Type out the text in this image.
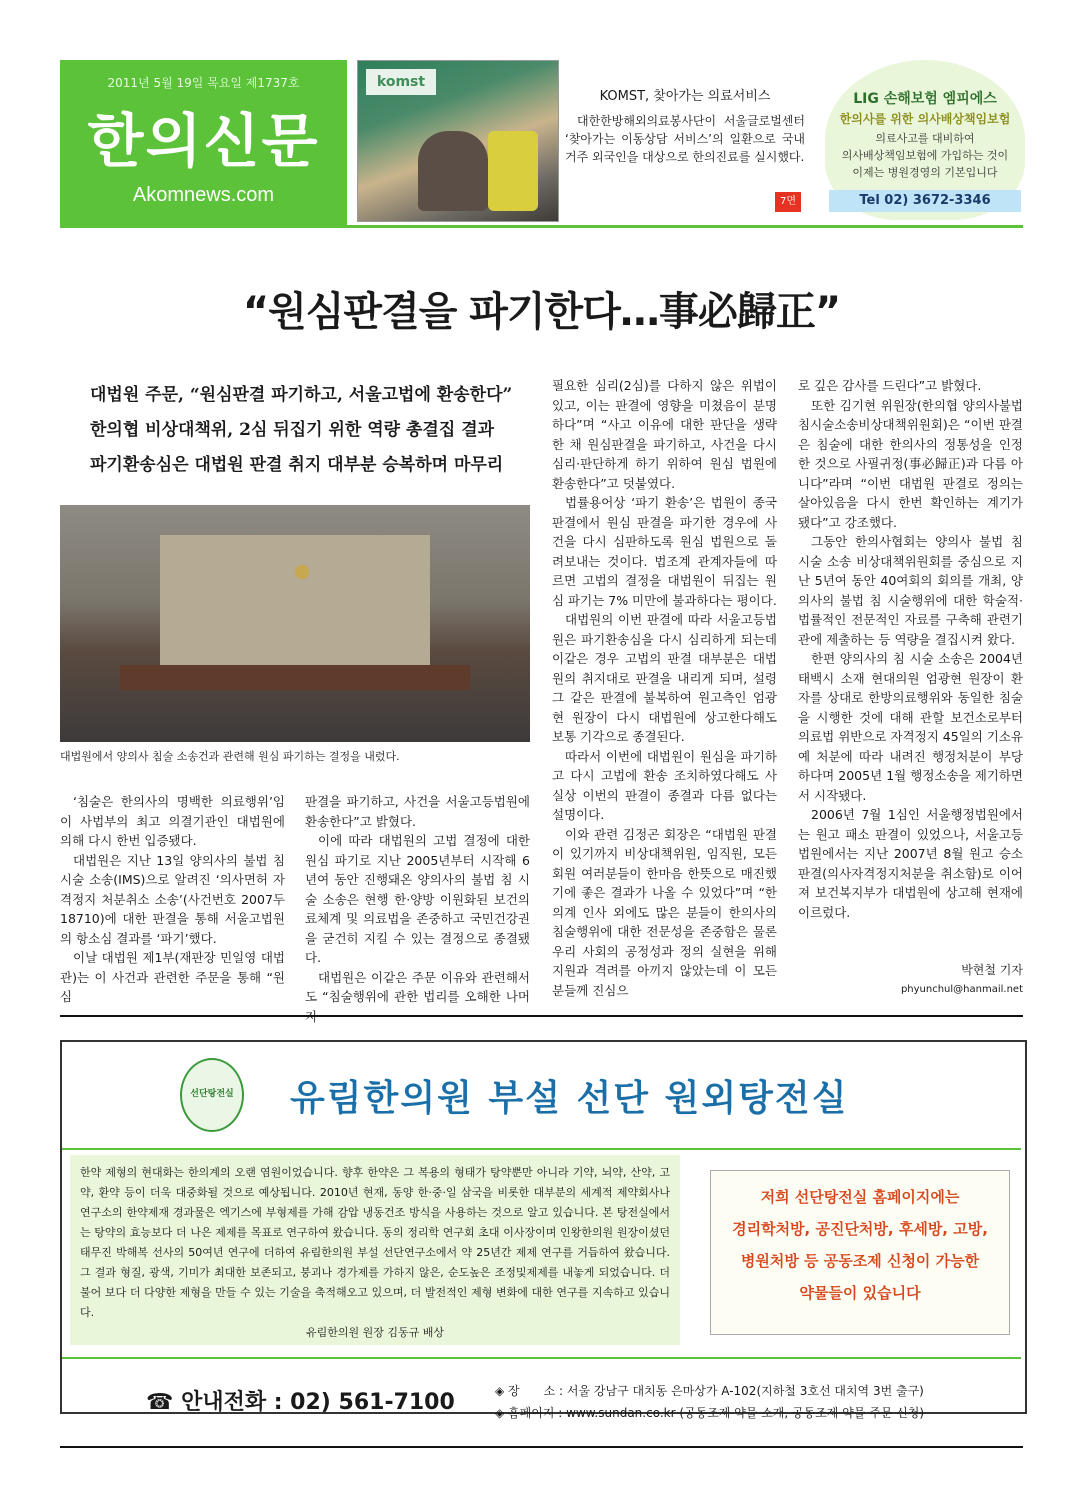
2011년 5월 19일 목요일 제1737호
한의신문
Akomnews.com
komst
KOMST, 찾아가는 의료서비스
대한한방해외의료봉사단이 서울글로벌센터 ‘찾아가는 이동상담 서비스’의 일환으로 국내 거주 외국인을 대상으로 한의진료를 실시했다.
7면
LIG 손해보험 엠피에스
한의사를 위한 의사배상책임보험
의료사고를 대비하여
의사배상책임보험에 가입하는 것이
이제는 병원경영의 기본입니다
Tel 02) 3672-3346
“원심판결을 파기한다…事必歸正”
대법원 주문, “원심판결 파기하고, 서울고법에 환송한다”
한의협 비상대책위, 2심 뒤집기 위한 역량 총결집 결과
파기환송심은 대법원 판결 취지 대부분 승복하며 마무리
대법원에서 양의사 침술 소송건과 관련해 원심 파기하는 결정을 내렸다.

‘침술은 한의사의 명백한 의료행위’임이 사법부의 최고 의결기관인 대법원에 의해 다시 한번 입증됐다.

대법원은 지난 13일 양의사의 불법 침 시술 소송(IMS)으로 알려진 ‘의사면허 자격정지 처분취소 소송’(사건번호 2007두18710)에 대한 판결을 통해 서울고법원의 항소심 결과를 ‘파기’했다.

이날 대법원 제1부(재판장 민일영 대법관)는 이 사건과 관련한 주문을 통해 “원심

판결을 파기하고, 사건을 서울고등법원에 환송한다”고 밝혔다.

이에 따라 대법원의 고법 결정에 대한 원심 파기로 지난 2005년부터 시작해 6년여 동안 진행돼온 양의사의 불법 침 시술 소송은 현행 한·양방 이원화된 보건의료체계 및 의료법을 존중하고 국민건강권을 굳건히 지킬 수 있는 결정으로 종결됐다.

대법원은 이같은 주문 이유와 관련해서도 “침술행위에 관한 법리를 오해한 나머

필요한 심리(2심)를 다하지 않은 위법이 있고, 이는 판결에 영향을 미쳤음이 분명하다”며 “사고 이유에 대한 판단을 생략한 채 원심판결을 파기하고, 사건을 다시 심리·판단하게 하기 위하여 원심 법원에 환송한다”고 덧붙였다.

법률용어상 ‘파기 환송’은 법원이 종국판결에서 원심 판결을 파기한 경우에 사건을 다시 심판하도록 원심 법원으로 돌려보내는 것이다. 법조계 관계자들에 따르면 고법의 결정을 대법원이 뒤집는 원심 파기는 7% 미만에 불과하다는 평이다.

대법원의 이번 판결에 따라 서울고등법원은 파기환송심을 다시 심리하게 되는데 이같은 경우 고법의 판결 대부분은 대법원의 취지대로 판결을 내리게 되며, 설령 그 같은 판결에 불복하여 원고측인 엄광현 원장이 다시 대법원에 상고한다해도 보통 기각으로 종결된다.

따라서 이번에 대법원이 원심을 파기하고 다시 고법에 환송 조치하였다해도 사실상 이번의 판결이 종결과 다름 없다는 설명이다.

이와 관련 김정곤 회장은 “대법원 판결이 있기까지 비상대책위원, 임직원, 모든 회원 여러분들이 한마음 한뜻으로 매진했기에 좋은 결과가 나올 수 있었다”며 “한의계 인사 외에도 많은 분들이 한의사의 침술행위에 대한 전문성을 존중함은 물론 우리 사회의 공정성과 정의 실현을 위해 지원과 격려를 아끼지 않았는데 이 모든 분들께 진심으

로 깊은 감사를 드린다”고 밝혔다.

또한 김기현 위원장(한의협 양의사불법침시술소송비상대책위원회)은 “이번 판결은 침술에 대한 한의사의 정통성을 인정한 것으로 사필귀정(事必歸正)과 다름 아니다”라며 “이번 대법원 판결로 정의는 살아있음을 다시 한번 확인하는 계기가 됐다”고 강조했다.

그동안 한의사협회는 양의사 불법 침 시술 소송 비상대책위원회를 중심으로 지난 5년여 동안 40여회의 회의를 개최, 양의사의 불법 침 시술행위에 대한 학술적·법률적인 전문적인 자료를 구축해 관련기관에 제출하는 등 역량을 결집시켜 왔다.

한편 양의사의 침 시술 소송은 2004년 태백시 소재 현대의원 엄광현 원장이 환자를 상대로 한방의료행위와 동일한 침술을 시행한 것에 대해 관할 보건소로부터 의료법 위반으로 자격정지 45일의 기소유예 처분에 따라 내려진 행정처분이 부당하다며 2005년 1월 행정소송을 제기하면서 시작됐다.

2006년 7월 1심인 서울행정법원에서는 원고 패소 판결이 있었으나, 서울고등법원에서는 지난 2007년 8월 원고 승소 판결(의사자격정지처분을 취소함)로 이어져 보건복지부가 대법원에 상고해 현재에 이르렀다.

박현철 기자
phyunchul@hanmail.net
선단탕전실 유림한의원 부설 선단 원외탕전실
한약 제형의 현대화는 한의계의 오랜 염원이었습니다. 향후 한약은 그 복용의 형태가 탕약뿐만 아니라 기약, 뇌약, 산약, 고약, 환약 등이 더욱 대중화될 것으로 예상됩니다. 2010년 현재, 동양 한·중·일 삼국을 비롯한 대부분의 세계적 제약회사나 연구소의 한약제재 경과물은 엑기스에 부형제를 가해 감압 냉동건조 방식을 사용하는 것으로 알고 있습니다. 본 탕전실에서는 탕약의 효능보다 더 나은 제제를 목표로 연구하여 왔습니다. 동의 정리학 연구회 초대 이사장이며 인왕한의원 원장이셨던 태무진 박해복 선사의 50여년 연구에 더하여 유림한의원 부설 선단연구소에서 약 25년간 제제 연구를 거듭하여 왔습니다. 그 결과 형질, 광색, 기미가 최대한 보존되고, 붕괴나 경가제를 가하지 않은, 순도높은 조정및제제를 내놓게 되었습니다. 더불어 보다 더 다양한 제형을 만들 수 있는 기술을 축적해오고 있으며, 더 발전적인 제형 변화에 대한 연구를 지속하고 있습니다.
유림한의원 원장 김동규 배상
저희 선단탕전실 홈페이지에는
경리학처방, 공진단처방, 후세방, 고방,
병원처방 등 공동조제 신청이 가능한
약물들이 있습니다
☎ 안내전화 : 02) 561-7100	◈ 장　　소 : 서울 강남구 대치동 은마상가 A-102(지하철 3호선 대치역 3번 출구)
◈ 홈페이지 : www.sundan.co.kr (공동조제 약물 소개, 공동조제 약물 주문 신청)
